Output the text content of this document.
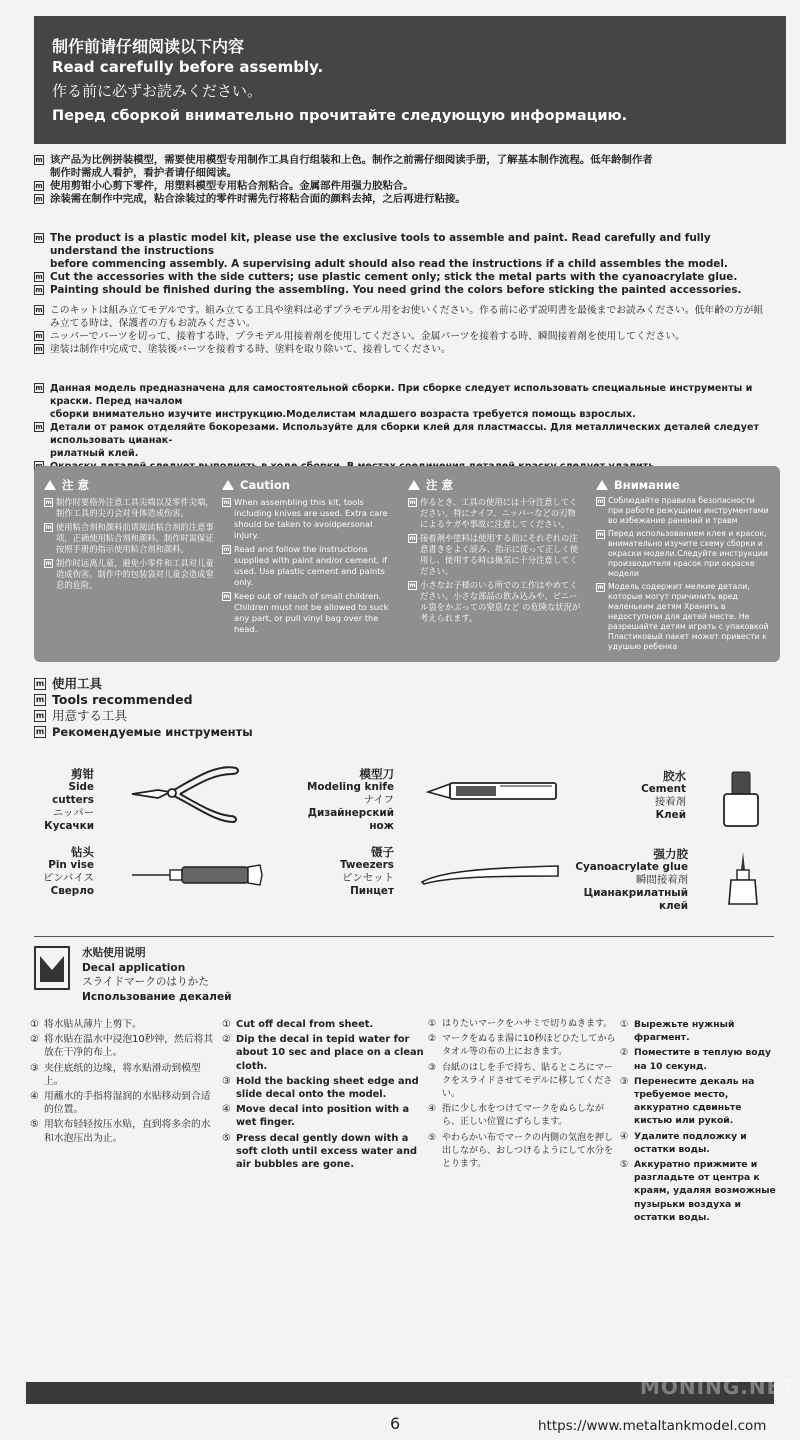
制作前请仔细阅读以下内容
Read carefully before assembly.
作る前に必ずお読みください。
Перед сборкой внимательно прочитайте следующую информацию.
m 该产品为比例拼装模型，需要使用模型专用制作工具自行组装和上色。制作之前需仔细阅读手册，了解基本制作流程。低年龄制作者
制作时需成人看护，看护者请仔细阅读。
m 使用剪钳小心剪下零件，用塑料模型专用粘合剂粘合。金属部件用强力胶粘合。
m 涂装需在制作中完成，粘合涂装过的零件时需先行将粘合面的颜料去掉，之后再进行粘接。
m The product is a plastic model kit, please use the exclusive tools to assemble and paint. Read carefully and fully understand the instructions
before commencing assembly. A supervising adult should also read the instructions if a child assembles the model.
m Cut the accessories with the side cutters; use plastic cement only; stick the metal parts with the cyanoacrylate glue.
m Painting should be finished during the assembling. You need grind the colors before sticking the painted accessories.
m このキットは組み立てモデルです。組み立てる工具や塗料は必ずプラモデル用をお使いください。作る前に必ず説明書を最後までお読みください。低年齢の方が組
み立てる時は、保護者の方もお読みください。
m ニッパーでパーツを切って、接着する時、プラモデル用接着剤を使用してください。金属パーツを接着する時、瞬間接着剤を使用してください。
m 塗装は制作中完成で、塗装後パーツを接着する時、塗料を取り除いて、接着してください。
m Данная модель предназначена для самостоятельной сборки. При сборке следует использовать специальные инструменты и краски. Перед началом
сборки внимательно изучите инструкцию.Моделистам младшего возраста требуется помощь взрослых.
m Детали от рамок отделяйте бокорезами. Используйте для сборки клей для пластмассы. Для металлических деталей следует использовать цианак-
рилатный клей.
注 意
m 制作时要格外注意工具尖端以及零件尖端，制作工具的尖刃会对身体造成伤害。
m 使用粘合剂和颜料前请阅读粘合剂的注意事项，正确使用粘合剂和颜料。制作时需保证按照手册的指示使用粘合剂和颜料。
m 制作时远离儿童，避免小零件和工具对儿童造成伤害。制作中的包装袋对儿童会造成窒息的危险。
Caution
m When assembling this kit, tools including knives are used. Extra care should be taken to avoidpersonal injury.
m Read and follow the instructions supplied with paint and/or cement, if used. Use plastic cement and paints only.
m Keep out of reach of small children. Children must not be allowed to suck any part, or pull vinyl bag over the head.
注 意
m 作るとき、工具の使用には十分注意してください。特にナイフ、ニッパーなどの刃物によるケガや事故に注意してください。
m 接着剤や塗料は使用する前にそれぞれの注意書きをよく読み、指示に従って正しく使用し、使用する時は換気に十分注意してください。
m 小さなお子様のいる所での工作はやめてください。小さな部品の飲み込みや、ビニール袋をかぶっての窒息など の危険な状況が考えられます。
Внимание
m Соблюдайте правила безопасности при работе режущими инструментами во избежание ранений и травм
m Перед использованием клея и красок, внимательно изучите схему сборки и окраски модели.Следуйте инструкции производителя красок при окраске модели
m Модель содержит мелкие детали, которые могут причинить вред маленьким детям Хранить в недоступном для детей месте. Не разрешайте детям играть с упаковкой Пластиковый пакет может привести к удушью ребенка
m 使用工具
m Tools recommended
m 用意する工具
m Рекомендуемые инструменты
剪钳
Side cutters
ニッパー
Кусачки
模型刀
Modeling knife
ナイフ
Дизайнерский нож
胶水
Cement
接着剤
Клей
钻头
Pin vise
ピンバイス
Сверло
镊子
Tweezers
ピンセット
Пинцет
强力胶
Cyanoacrylate glue
瞬間接着剤
Цианакрилатный клей
水贴使用说明
Decal application
スライドマークのはりかた
Использование декалей
① 将水贴从薄片上剪下。
② 将水贴在温水中浸泡10秒钟，然后将其放在干净的布上。
③ 夹住底纸的边缘，将水贴滑动到模型上。
④ 用蘸水的手指将湿润的水贴移动到合适的位置。
⑤ 用软布轻轻按压水贴，直到将多余的水和水泡压出为止。
① Cut off decal from sheet.
② Dip the decal in tepid water for about 10 sec and place on a clean cloth.
③ Hold the backing sheet edge and slide decal onto the model.
④ Move decal into position with a wet finger.
⑤ Press decal gently down with a soft cloth until excess water and air bubbles are gone.
① はりたいマークをハサミで切りぬきます。
② マークをぬるま湯に10秒ほどひたしてからタオル等の布の上におきます。
③ 台紙のはしを手で持ち、貼るところにマークをスライドさせてモデルに移してください。
④ 指に少し水をつけてマークをぬらしながら、正しい位置にずらします。
⑤ やわらかい布でマークの内側の気泡を押し出しながら、おしつけるようにして水分をとります。
① Вырежьте нужный фрагмент.
② Поместите в теплую воду на 10 секунд.
③ Перенесите декаль на требуемое место, аккуратно сдвиньте кистью или рукой.
④ Удалите подложку и остатки воды.
⑤ Аккуратно прижмите и разгладьте от центра к краям, удаляя возможные пузырьки воздуха и остатки воды.
MONING.NET
6	https://www.metaltankmodel.com
